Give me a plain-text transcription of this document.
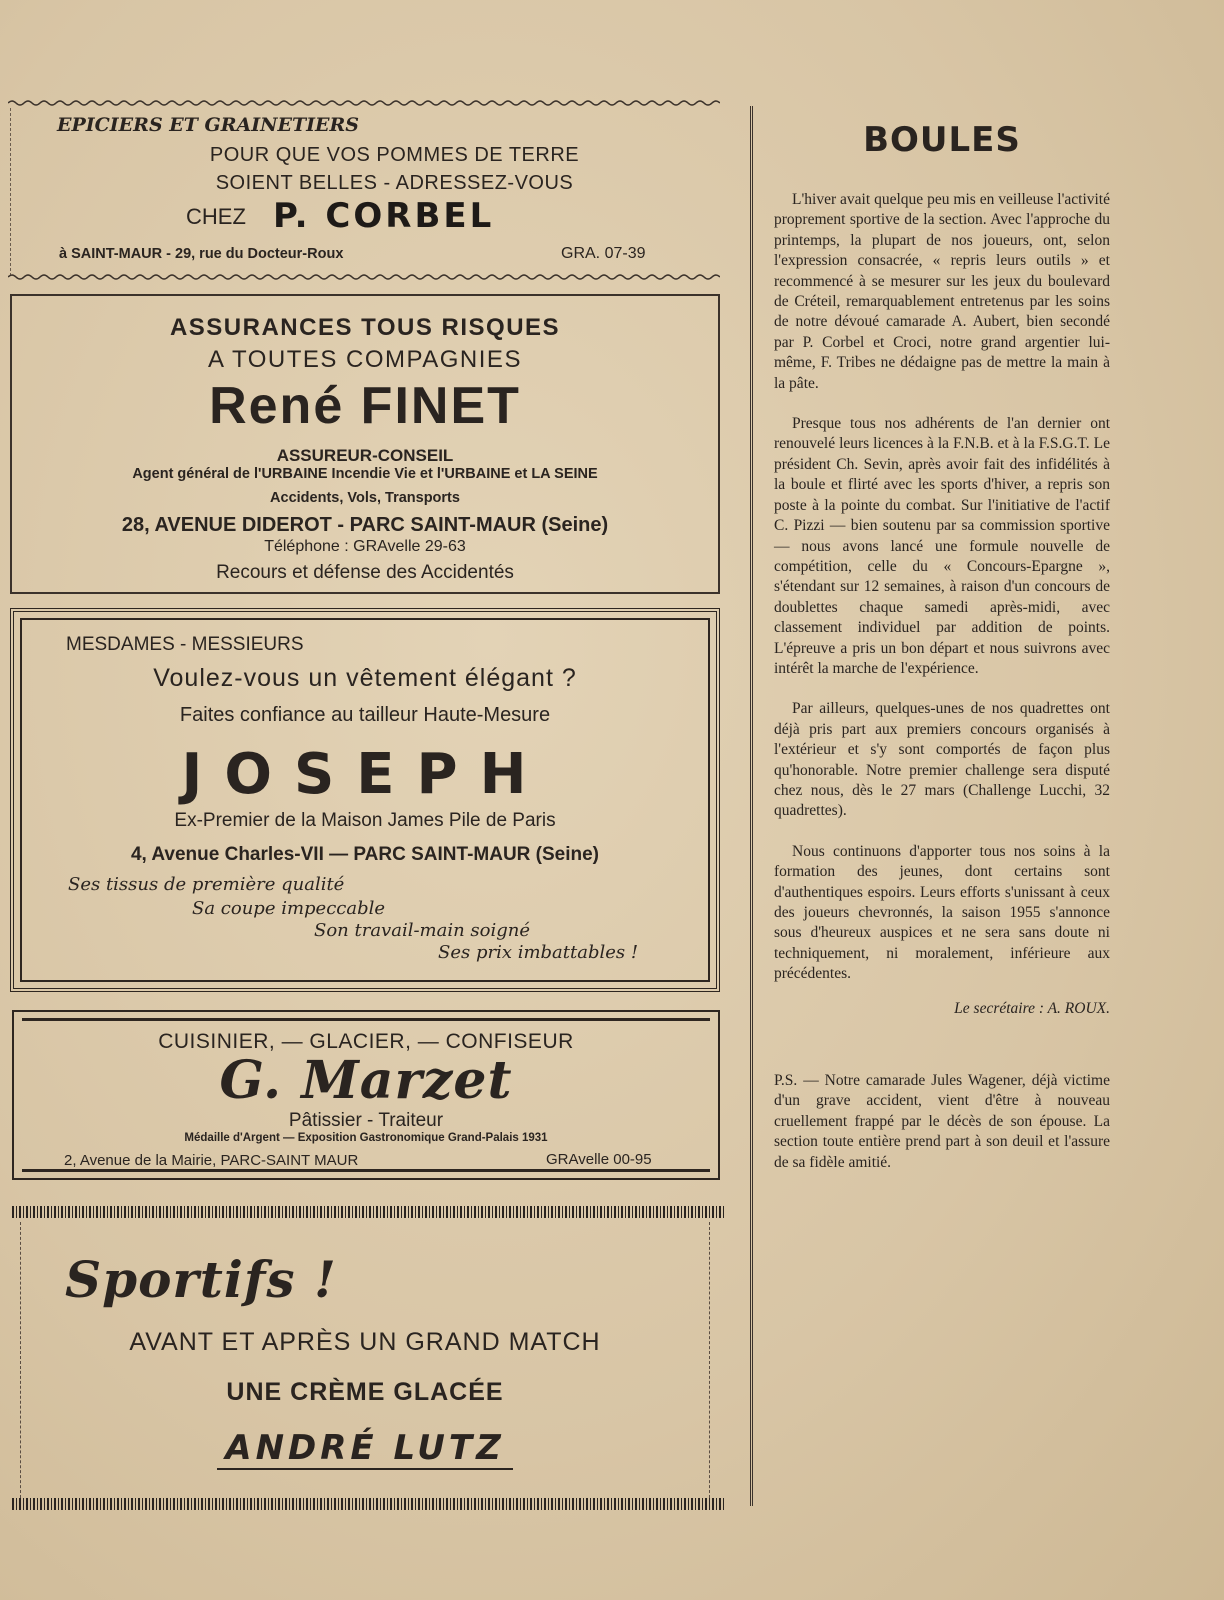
EPICIERS ET GRAINETIERS
POUR QUE VOS POMMES DE TERRE
SOIENT BELLES - ADRESSEZ-VOUS
CHEZ P. CORBEL
à SAINT-MAUR - 29, rue du Docteur-Roux	GRA. 07-39
ASSURANCES TOUS RISQUES
A TOUTES COMPAGNIES
René FINET
ASSUREUR-CONSEIL
Agent général de l'URBAINE Incendie Vie et l'URBAINE et LA SEINE
Accidents, Vols, Transports
28, AVENUE DIDEROT - PARC SAINT-MAUR (Seine)
Téléphone : GRAvelle 29-63
Recours et défense des Accidentés
MESDAMES - MESSIEURS
Voulez-vous un vêtement élégant ?
Faites confiance au tailleur Haute-Mesure
JOSEPH
Ex-Premier de la Maison James Pile de Paris
4, Avenue Charles-VII — PARC SAINT-MAUR (Seine)
Ses tissus de première qualité
Sa coupe impeccable
Son travail-main soigné
Ses prix imbattables !
CUISINIER, — GLACIER, — CONFISEUR
G. Marzet
Pâtissier - Traiteur
Médaille d'Argent — Exposition Gastronomique Grand-Palais 1931
2, Avenue de la Mairie, PARC-SAINT MAUR	GRAvelle 00-95
Sportifs !
AVANT ET APRÈS UN GRAND MATCH
UNE CRÈME GLACÉE
ANDRÉ LUTZ
BOULES

L'hiver avait quelque peu mis en veilleuse l'activité proprement sportive de la section. Avec l'approche du printemps, la plupart de nos joueurs, ont, selon l'expression consacrée, « repris leurs outils » et recommencé à se mesurer sur les jeux du boulevard de Créteil, remarquablement entretenus par les soins de notre dévoué camarade A. Aubert, bien secondé par P. Corbel et Croci, notre grand argentier lui-même, F. Tribes ne dédaigne pas de mettre la main à la pâte.

Presque tous nos adhérents de l'an dernier ont renouvelé leurs licences à la F.N.B. et à la F.S.G.T. Le président Ch. Sevin, après avoir fait des infidélités à la boule et flirté avec les sports d'hiver, a repris son poste à la pointe du combat. Sur l'initiative de l'actif C. Pizzi — bien soutenu par sa commission sportive — nous avons lancé une formule nouvelle de compétition, celle du « Concours-Epargne », s'étendant sur 12 semaines, à raison d'un concours de doublettes chaque samedi après-midi, avec classement individuel par addition de points. L'épreuve a pris un bon départ et nous suivrons avec intérêt la marche de l'expérience.

Par ailleurs, quelques-unes de nos quadrettes ont déjà pris part aux premiers concours organisés à l'extérieur et s'y sont comportés de façon plus qu'honorable. Notre premier challenge sera disputé chez nous, dès le 27 mars (Challenge Lucchi, 32 quadrettes).

Nous continuons d'apporter tous nos soins à la formation des jeunes, dont certains sont d'authentiques espoirs. Leurs efforts s'unissant à ceux des joueurs chevronnés, la saison 1955 s'annonce sous d'heureux auspices et ne sera sans doute ni techniquement, ni moralement, inférieure aux précédentes.

Le secrétaire : A. ROUX.

P.S. — Notre camarade Jules Wagener, déjà victime d'un grave accident, vient d'être à nouveau cruellement frappé par le décès de son épouse. La section toute entière prend part à son deuil et l'assure de sa fidèle amitié.
